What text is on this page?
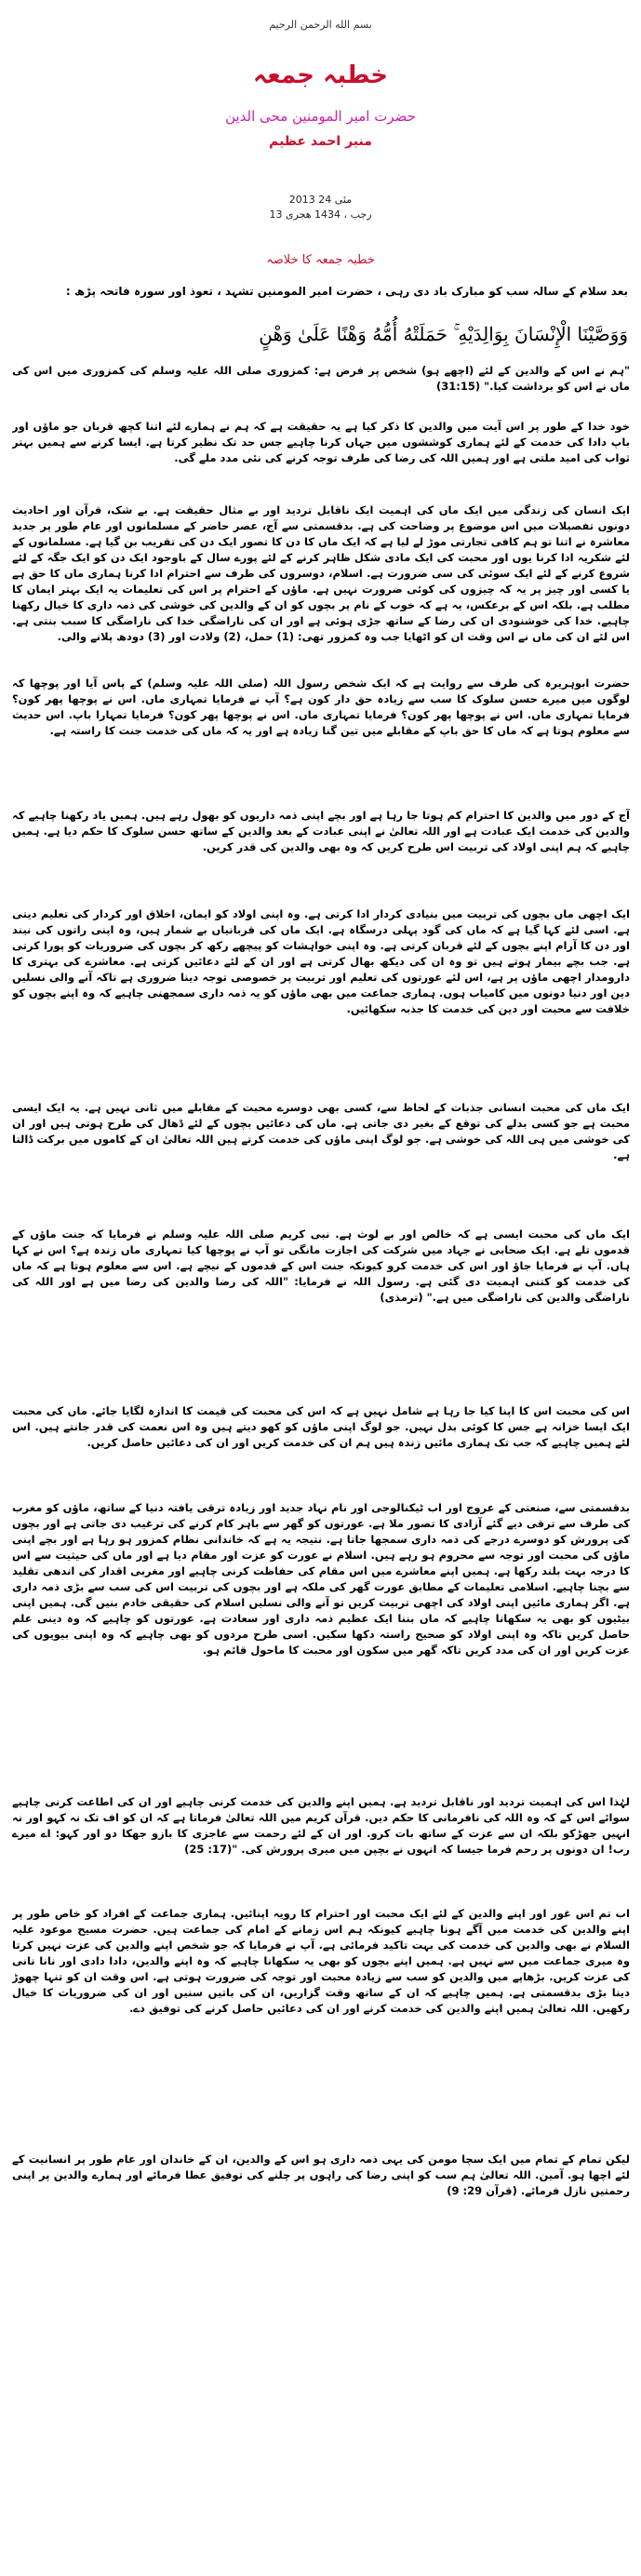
بسم الله الرحمن الرحيم
خطبہ جمعہ
حضرت امیر المومنین محی الدین
منیر احمد عظیم
2013 مئی 24
13 رجب ، 1434 ھجری
خطبہ جمعہ کا خلاصہ
بعد سلام کے سالہ سب کو مبارک باد دی رہی ، حضرت امیر المومنین تشہد ، تعوذ اور سورہ فاتحہ پڑھ :
وَوَصَّيْنَا الْإِنْسَانَ بِوَالِدَيْهِ ۚ حَمَلَتْهُ أُمُّهُ وَهْنًا عَلَىٰ وَهْنٍ
"ہم نے اس کے والدین کے لئے (اچھے ہو) شخص پر فرض ہے: کمزوری صلی اللہ علیہ وسلم کی کمزوری میں اس کی ماں نے اس کو برداشت کیا." (31:15)
خود خدا کے طور پر اس آیت میں والدین کا ذکر کیا ہے یہ حقیقت ہے کہ ہم نے ہمارے لئے اتنا کچھ قربان جو ماؤں اور باپ دادا کی خدمت کے لئے ہماری کوششوں میں جہاں کرنا چاہیے جس حد تک نظیر کرتا ہے. ایسا کرنے سے ہمیں بہتر ثواب کی امید ملتی ہے اور ہمیں اللہ کی رضا کی طرف توجہ کرنے کی نئی مدد ملے گی.
ایک انسان کی زندگی میں ایک ماں کی اہمیت ایک ناقابل تردید اور بے مثال حقیقت ہے. بے شک، قرآن اور احادیث دونوں تفصیلات میں اس موضوع پر وضاحت کی ہے. بدقسمتی سے آج، عصر حاضر کے مسلمانوں اور عام طور پر جدید معاشرہ نے اتنا تو ہم کافی تجارتی موڑ لے لیا ہے کہ ایک ماں کا دن کا تصور ایک دن کی تقریب بن گیا ہے. مسلمانوں کے لئے شکریہ ادا کرنا یوں اور محبت کی ایک مادی شکل ظاہر کرنے کے لئے پورے سال کے باوجود ایک دن کو ایک جگہ کے لئے شروع کرنے کے لئے ایک سوئی کی سی ضرورت ہے. اسلام، دوسروں کی طرف سے احترام ادا کرنا ہماری ماں کا حق ہے یا کسی اور چیز پر یہ کہ چیزوں کی کوئی ضرورت نہیں ہے. ماؤں کے احترام پر اس کی تعلیمات یہ ایک بہتر ایمان کا مطلب ہے. بلکہ اس کے برعکس، یہ ہے کہ خوب کے نام پر بچوں کو ان کے والدین کی خوشی کی ذمہ داری کا خیال رکھنا چاہیے. خدا کی خوشنودی ان کی رضا کے ساتھ جڑی ہوئی ہے اور ان کی ناراضگی خدا کی ناراضگی کا سبب بنتی ہے. اس لئے ان کی ماں نے اس وقت ان کو اٹھایا جب وہ کمزور تھی: (1) حمل، (2) ولادت اور (3) دودھ پلانے والی.
حضرت ابوہریرہ کی طرف سے روایت ہے کہ ایک شخص رسول اللہ (صلی اللہ علیہ وسلم) کے پاس آیا اور پوچھا کہ لوگوں میں میرے حسن سلوک کا سب سے زیادہ حق دار کون ہے؟ آپ نے فرمایا تمہاری ماں. اس نے پوچھا پھر کون؟ فرمایا تمہاری ماں. اس نے پوچھا پھر کون؟ فرمایا تمہاری ماں. اس نے پوچھا پھر کون؟ فرمایا تمہارا باپ. اس حدیث سے معلوم ہوتا ہے کہ ماں کا حق باپ کے مقابلے میں تین گنا زیادہ ہے اور یہ کہ ماں کی خدمت جنت کا راستہ ہے.
آج کے دور میں والدین کا احترام کم ہوتا جا رہا ہے اور بچے اپنی ذمہ داریوں کو بھول رہے ہیں. ہمیں یاد رکھنا چاہیے کہ والدین کی خدمت ایک عبادت ہے اور اللہ تعالیٰ نے اپنی عبادت کے بعد والدین کے ساتھ حسن سلوک کا حکم دیا ہے. ہمیں چاہیے کہ ہم اپنی اولاد کی تربیت اس طرح کریں کہ وہ بھی والدین کی قدر کریں.
ایک اچھی ماں بچوں کی تربیت میں بنیادی کردار ادا کرتی ہے. وہ اپنی اولاد کو ایمان، اخلاق اور کردار کی تعلیم دیتی ہے. اسی لئے کہا گیا ہے کہ ماں کی گود پہلی درسگاہ ہے. ایک ماں کی قربانیاں بے شمار ہیں، وہ اپنی راتوں کی نیند اور دن کا آرام اپنے بچوں کے لئے قربان کرتی ہے. وہ اپنی خواہشات کو پیچھے رکھ کر بچوں کی ضروریات کو پورا کرتی ہے. جب بچے بیمار ہوتے ہیں تو وہ ان کی دیکھ بھال کرتی ہے اور ان کے لئے دعائیں کرتی ہے. معاشرے کی بہتری کا دارومدار اچھی ماؤں پر ہے، اس لئے عورتوں کی تعلیم اور تربیت پر خصوصی توجہ دینا ضروری ہے تاکہ آنے والی نسلیں دین اور دنیا دونوں میں کامیاب ہوں. ہماری جماعت میں بھی ماؤں کو یہ ذمہ داری سمجھنی چاہیے کہ وہ اپنے بچوں کو خلافت سے محبت اور دین کی خدمت کا جذبہ سکھائیں.
ایک ماں کی محبت انسانی جذبات کے لحاظ سے، کسی بھی دوسرے محبت کے مقابلے میں ثانی نہیں ہے. یہ ایک ایسی محبت ہے جو کسی بدلے کی توقع کے بغیر دی جاتی ہے. ماں کی دعائیں بچوں کے لئے ڈھال کی طرح ہوتی ہیں اور ان کی خوشی میں ہی اللہ کی خوشی ہے. جو لوگ اپنی ماؤں کی خدمت کرتے ہیں اللہ تعالیٰ ان کے کاموں میں برکت ڈالتا ہے.
ایک ماں کی محبت ایسی ہے کہ خالص اور بے لوث ہے. نبی کریم صلی اللہ علیہ وسلم نے فرمایا کہ جنت ماؤں کے قدموں تلے ہے. ایک صحابی نے جہاد میں شرکت کی اجازت مانگی تو آپ نے پوچھا کیا تمہاری ماں زندہ ہے؟ اس نے کہا ہاں. آپ نے فرمایا جاؤ اور اس کی خدمت کرو کیونکہ جنت اس کے قدموں کے نیچے ہے. اس سے معلوم ہوتا ہے کہ ماں کی خدمت کو کتنی اہمیت دی گئی ہے. رسول اللہ نے فرمایا: "اللہ کی رضا والدین کی رضا میں ہے اور اللہ کی ناراضگی والدین کی ناراضگی میں ہے." (ترمذی)
اس کی محبت اس کا اپنا کیا جا رہا ہے شامل نہیں ہے کہ اس کی محبت کی قیمت کا اندازہ لگایا جائے. ماں کی محبت ایک ایسا خزانہ ہے جس کا کوئی بدل نہیں. جو لوگ اپنی ماؤں کو کھو دیتے ہیں وہ اس نعمت کی قدر جانتے ہیں. اس لئے ہمیں چاہیے کہ جب تک ہماری مائیں زندہ ہیں ہم ان کی خدمت کریں اور ان کی دعائیں حاصل کریں.
بدقسمتی سے، صنعتی کے عروج اور اب ٹیکنالوجی اور نام نہاد جدید اور زیادہ ترقی یافتہ دنیا کے ساتھ، ماؤں کو مغرب کی طرف سے ترقی دیے گئے آزادی کا تصور ملا ہے. عورتوں کو گھر سے باہر کام کرنے کی ترغیب دی جاتی ہے اور بچوں کی پرورش کو دوسرے درجے کی ذمہ داری سمجھا جاتا ہے. نتیجہ یہ ہے کہ خاندانی نظام کمزور ہو رہا ہے اور بچے اپنی ماؤں کی محبت اور توجہ سے محروم ہو رہے ہیں. اسلام نے عورت کو عزت اور مقام دیا ہے اور ماں کی حیثیت سے اس کا درجہ بہت بلند رکھا ہے. ہمیں اپنے معاشرے میں اس مقام کی حفاظت کرنی چاہیے اور مغربی اقدار کی اندھی تقلید سے بچنا چاہیے. اسلامی تعلیمات کے مطابق عورت گھر کی ملکہ ہے اور بچوں کی تربیت اس کی سب سے بڑی ذمہ داری ہے. اگر ہماری مائیں اپنی اولاد کی اچھی تربیت کریں تو آنے والی نسلیں اسلام کی حقیقی خادم بنیں گی. ہمیں اپنی بیٹیوں کو بھی یہ سکھانا چاہیے کہ ماں بننا ایک عظیم ذمہ داری اور سعادت ہے. عورتوں کو چاہیے کہ وہ دینی علم حاصل کریں تاکہ وہ اپنی اولاد کو صحیح راستہ دکھا سکیں. اسی طرح مردوں کو بھی چاہیے کہ وہ اپنی بیویوں کی عزت کریں اور ان کی مدد کریں تاکہ گھر میں سکون اور محبت کا ماحول قائم ہو.
لہٰذا اس کی اہمیت تردید اور ناقابل تردید ہے. ہمیں اپنے والدین کی خدمت کرنی چاہیے اور ان کی اطاعت کرنی چاہیے سوائے اس کے کہ وہ اللہ کی نافرمانی کا حکم دیں. قرآن کریم میں اللہ تعالیٰ فرماتا ہے کہ ان کو اف تک نہ کہو اور نہ انہیں جھڑکو بلکہ ان سے عزت کے ساتھ بات کرو. اور ان کے لئے رحمت سے عاجزی کا بازو جھکا دو اور کہو: اے میرے رب! ان دونوں پر رحم فرما جیسا کہ انہوں نے بچپن میں میری پرورش کی. "(17: 25)
اب تم اس غور اور اپنے والدین کے لئے ایک محبت اور احترام کا رویہ اپنائیں. ہماری جماعت کے افراد کو خاص طور پر اپنے والدین کی خدمت میں آگے ہونا چاہیے کیونکہ ہم اس زمانے کے امام کی جماعت ہیں. حضرت مسیح موعود علیہ السلام نے بھی والدین کی خدمت کی بہت تاکید فرمائی ہے. آپ نے فرمایا کہ جو شخص اپنے والدین کی عزت نہیں کرتا وہ میری جماعت میں سے نہیں ہے. ہمیں اپنے بچوں کو بھی یہ سکھانا چاہیے کہ وہ اپنے والدین، دادا دادی اور نانا نانی کی عزت کریں. بڑھاپے میں والدین کو سب سے زیادہ محبت اور توجہ کی ضرورت ہوتی ہے. اس وقت ان کو تنہا چھوڑ دینا بڑی بدقسمتی ہے. ہمیں چاہیے کہ ان کے ساتھ وقت گزاریں، ان کی باتیں سنیں اور ان کی ضروریات کا خیال رکھیں. اللہ تعالیٰ ہمیں اپنے والدین کی خدمت کرنے اور ان کی دعائیں حاصل کرنے کی توفیق دے.
لیکن تمام کے تمام میں ایک سچا مومن کی یہی ذمہ داری ہو اس کے والدین، ان کے خاندان اور عام طور پر انسانیت کے لئے اچھا ہو. آمین. اللہ تعالیٰ ہم سب کو اپنی رضا کی راہوں پر چلنے کی توفیق عطا فرمائے اور ہمارے والدین پر اپنی رحمتیں نازل فرمائے. (قرآن 29: 9)
